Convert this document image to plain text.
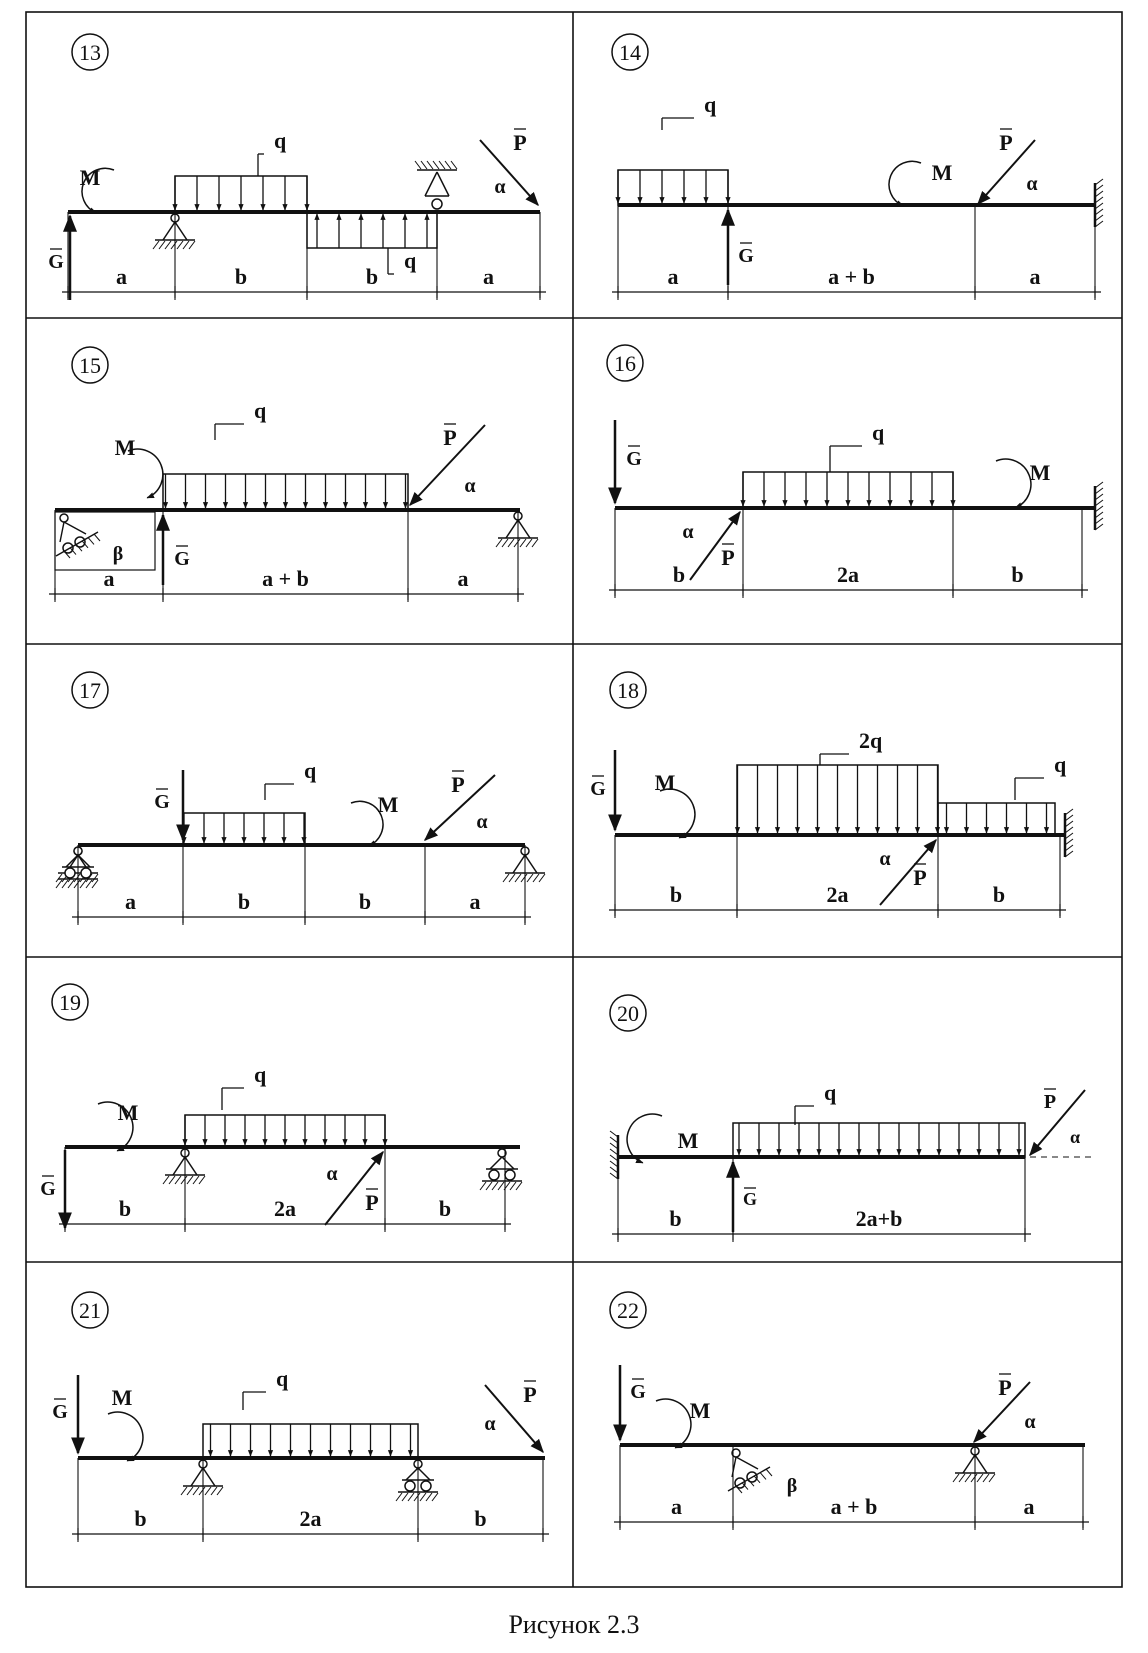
13
q
q
G
M
P
α
a	b	b	a
14
q
G
M
P
α
a	a + b	a
15
q
β	G
M	P
α
a	a + b	a
16
G
q
P
α
M
b	2a	b
17
q
G	M
P
α
a	b	b	a
18
G M
2q
q
P
α
b	2a	b
19
G
M
q
P
α
b	2a	b
20
M
q
G
P
α
b	2a+b
21
G
M
q
P
α
b	2a	b
22
G
M
β
P
α
a	a + b	a
Рисунок 2.3
